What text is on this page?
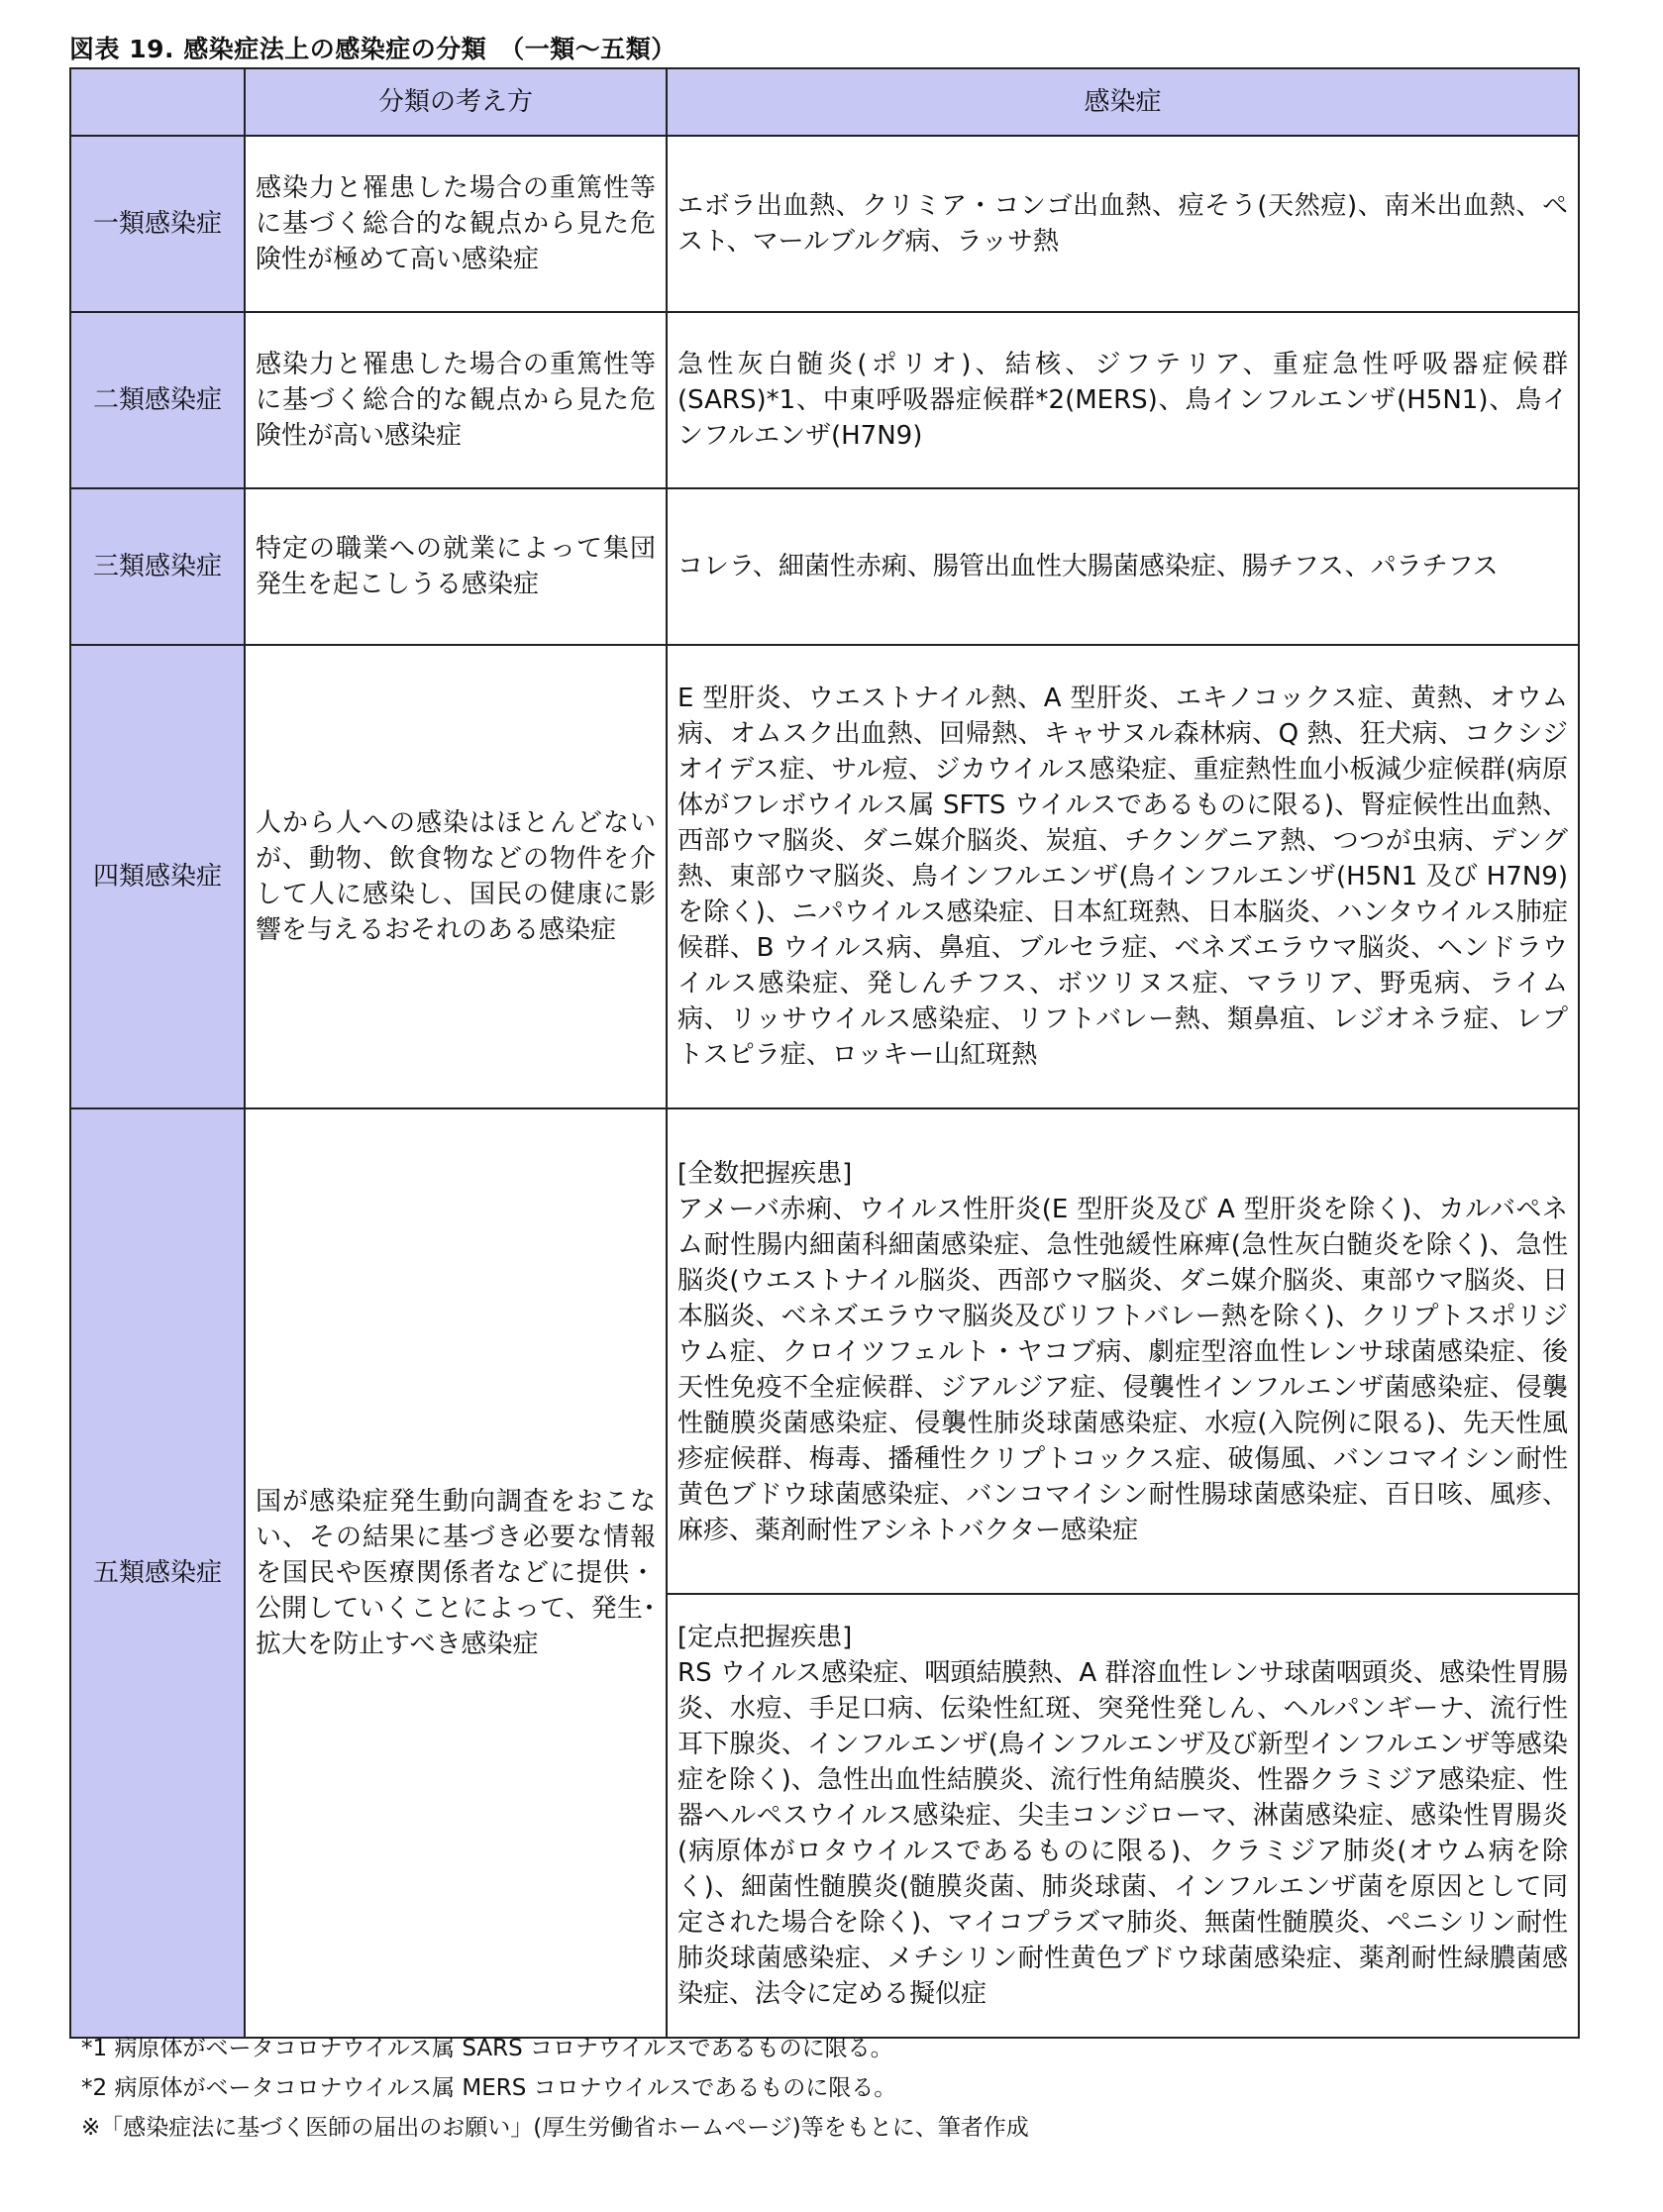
図表 19. 感染症法上の感染症の分類　（一類～五類）
	分類の考え方	感染症
一類感染症	感染力と罹患した場合の重篤性等に基づく総合的な観点から見た危険性が極めて高い感染症	エボラ出血熱、クリミア・コンゴ出血熱、痘そう(天然痘)、南米出血熱、ペスト、マールブルグ病、ラッサ熱
二類感染症	感染力と罹患した場合の重篤性等に基づく総合的な観点から見た危険性が高い感染症	急性灰白髄炎(ポリオ)、結核、ジフテリア、重症急性呼吸器症候群(SARS)*1、中東呼吸器症候群*2(MERS)、鳥インフルエンザ(H5N1)、鳥インフルエンザ(H7N9)
三類感染症	特定の職業への就業によって集団発生を起こしうる感染症	コレラ、細菌性赤痢、腸管出血性大腸菌感染症、腸チフス、パラチフス
四類感染症	人から人への感染はほとんどないが、動物、飲食物などの物件を介して人に感染し、国民の健康に影響を与えるおそれのある感染症	E 型肝炎、ウエストナイル熱、A 型肝炎、エキノコックス症、黄熱、オウム病、オムスク出血熱、回帰熱、キャサヌル森林病、Q 熱、狂犬病、コクシジオイデス症、サル痘、ジカウイルス感染症、重症熱性血小板減少症候群(病原体がフレボウイルス属 SFTS ウイルスであるものに限る)、腎症候性出血熱、西部ウマ脳炎、ダニ媒介脳炎、炭疽、チクングニア熱、つつが虫病、デング熱、東部ウマ脳炎、鳥インフルエンザ(鳥インフルエンザ(H5N1 及び H7N9)を除く)、ニパウイルス感染症、日本紅斑熱、日本脳炎、ハンタウイルス肺症候群、B ウイルス病、鼻疽、ブルセラ症、ベネズエラウマ脳炎、ヘンドラウイルス感染症、発しんチフス、ボツリヌス症、マラリア、野兎病、ライム病、リッサウイルス感染症、リフトバレー熱、類鼻疽、レジオネラ症、レプトスピラ症、ロッキー山紅斑熱
五類感染症	国が感染症発生動向調査をおこない、その結果に基づき必要な情報を国民や医療関係者などに提供・公開していくことによって、発生･拡大を防止すべき感染症	
[全数把握疾患]
アメーバ赤痢、ウイルス性肝炎(E 型肝炎及び A 型肝炎を除く)、カルバペネム耐性腸内細菌科細菌感染症、急性弛緩性麻痺(急性灰白髄炎を除く)、急性脳炎(ウエストナイル脳炎、西部ウマ脳炎、ダニ媒介脳炎、東部ウマ脳炎、日本脳炎、ベネズエラウマ脳炎及びリフトバレー熱を除く)、クリプトスポリジウム症、クロイツフェルト・ヤコブ病、劇症型溶血性レンサ球菌感染症、後天性免疫不全症候群、ジアルジア症、侵襲性インフルエンザ菌感染症、侵襲性髄膜炎菌感染症、侵襲性肺炎球菌感染症、水痘(入院例に限る)、先天性風疹症候群、梅毒、播種性クリプトコックス症、破傷風、バンコマイシン耐性黄色ブドウ球菌感染症、バンコマイシン耐性腸球菌感染症、百日咳、風疹、麻疹、薬剤耐性アシネトバクター感染症

[定点把握疾患]
RS ウイルス感染症、咽頭結膜熱、A 群溶血性レンサ球菌咽頭炎、感染性胃腸炎、水痘、手足口病、伝染性紅斑、突発性発しん、ヘルパンギーナ、流行性耳下腺炎、インフルエンザ(鳥インフルエンザ及び新型インフルエンザ等感染症を除く)、急性出血性結膜炎、流行性角結膜炎、性器クラミジア感染症、性器ヘルペスウイルス感染症、尖圭コンジローマ、淋菌感染症、感染性胃腸炎(病原体がロタウイルスであるものに限る)、クラミジア肺炎(オウム病を除く)、細菌性髄膜炎(髄膜炎菌、肺炎球菌、インフルエンザ菌を原因として同定された場合を除く)、マイコプラズマ肺炎、無菌性髄膜炎、ペニシリン耐性肺炎球菌感染症、メチシリン耐性黄色ブドウ球菌感染症、薬剤耐性緑膿菌感染症、法令に定める擬似症
*1 病原体がベータコロナウイルス属 SARS コロナウイルスであるものに限る。
*2 病原体がベータコロナウイルス属 MERS コロナウイルスであるものに限る。
※「感染症法に基づく医師の届出のお願い」(厚生労働省ホームページ)等をもとに、筆者作成
